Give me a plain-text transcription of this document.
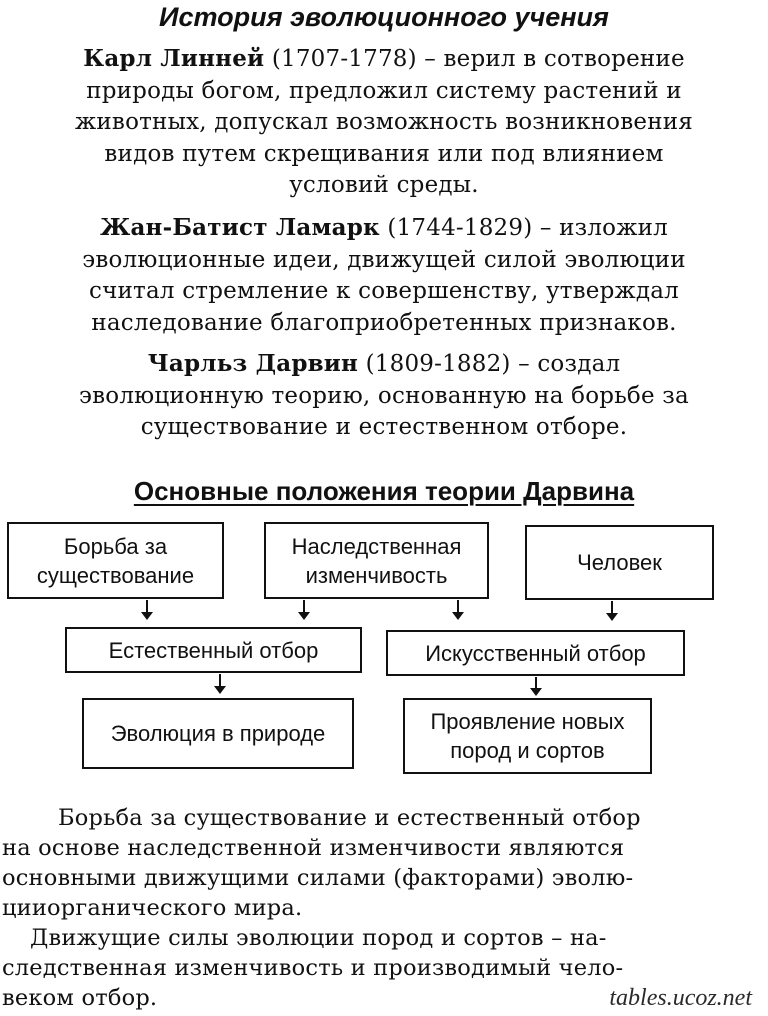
История эволюционного учения
Карл Линней (1707-1778) – верил в сотворение
природы богом, предложил систему растений и
животных, допускал возможность возникновения
видов путем скрещивания или под влиянием
условий среды.
Жан-Батист Ламарк (1744-1829) – изложил
эволюционные идеи, движущей силой эволюции
считал стремление к совершенству, утверждал
наследование благоприобретенных признаков.
Чарльз Дарвин (1809-1882) – создал
эволюционную теорию, основанную на борьбе за
существование и естественном отборе.
Основные положения теории Дарвина
Борьба за
существование
Наследственная
изменчивость	Человек
Естественный отбор	Искусственный отбор
Эволюция в природе	Проявление новых
пород и сортов
Борьба за существование и естественный отбор
на основе наследственной изменчивости являются
основными движущими силами (факторами) эволю-
цииорганического мира.
Движущие силы эволюции пород и сортов – на-
следственная изменчивость и производимый чело-
веком отбор.	tables.ucoz.net
